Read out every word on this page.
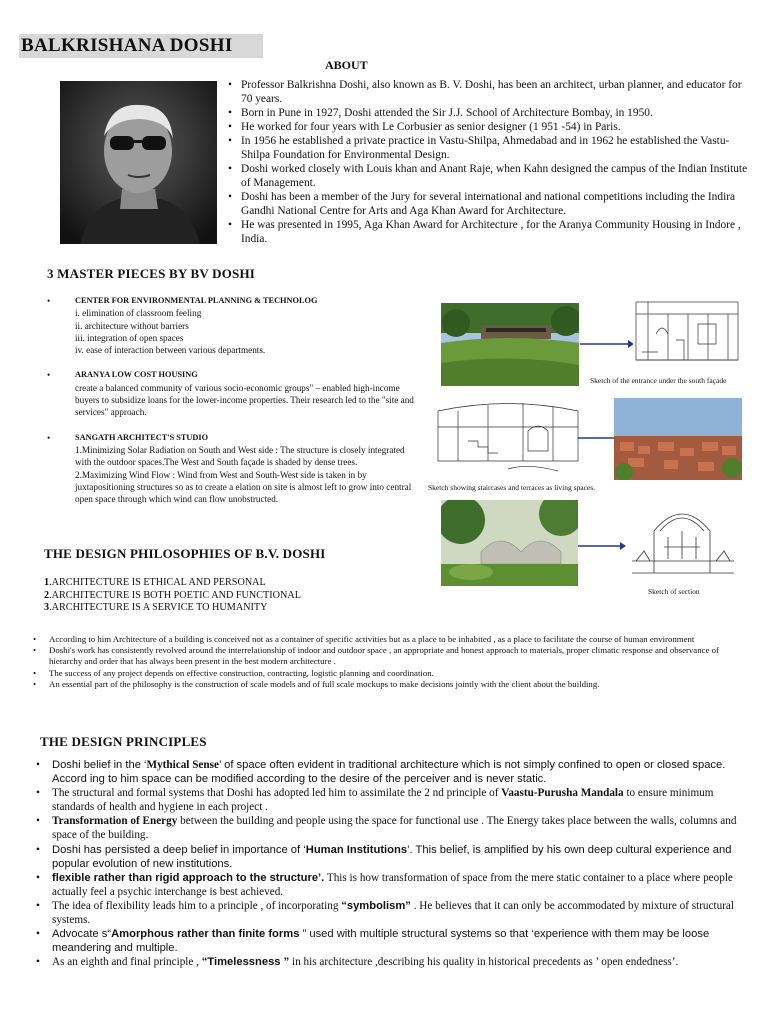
BALKRISHANA DOSHI
ABOUT
• Professor Balkrishna Doshi, also known as B. V. Doshi, has been an architect, urban planner, and educator for 70 years.
• Born in Pune in 1927, Doshi attended the Sir J.J. School of Architecture Bombay, in 1950.
• He worked for four years with Le Corbusier as senior designer (1 951 -54) in Paris.
• In 1956 he established a private practice in Vastu-Shilpa, Ahmedabad and in 1962 he established the Vastu-Shilpa Foundation for Environmental Design.
• Doshi worked closely with Louis khan and Anant Raje, when Kahn designed the campus of the Indian Institute of Management.
• Doshi has been a member of the Jury for several international and national competitions including the Indira Gandhi National Centre for Arts and Aga Khan Award for Architecture.
• He was presented in 1995, Aga Khan Award for Architecture , for the Aranya Community Housing in Indore , India.
3 MASTER PIECES BY BV DOSHI
• CENTER FOR ENVIRONMENTAL PLANNING & TECHNOLOG
i. elimination of classroom feeling
ii. architecture without barriers
iii. integration of open spaces
iv. ease of interaction between various departments.
• ARANYA LOW COST HOUSING
create a balanced community of various socio-economic groups" – enabled high-income buyers to subsidize loans for the lower-income properties. Their research led to the "site and services" approach.
• SANGATH ARCHITECT'S STUDIO
1.Minimizing Solar Radiation on South and West side : The structure is closely integrated with the outdoor spaces.The West and South façade is shaded by dense trees.
2.Maximizing Wind Flow : Wind from West and South-West side is taken in by juxtapositioning structures so as to create a elation on site is almost left to grow into central open space through which wind can flow unobstructed.
Sketch of the entrance under the south façade
Sketch showing staircases and terraces as living spaces.
Sketch of section
THE DESIGN PHILOSOPHIES OF B.V. DOSHI
1.ARCHITECTURE IS ETHICAL AND PERSONAL
2.ARCHITECTURE IS BOTH POETIC AND FUNCTIONAL
3.ARCHITECTURE IS A SERVICE TO HUMANITY
• According to him Architecture of a building is conceived not as a container of specific activities but as a place to be inhabited , as a place to facilitate the course of human environment
• Doshi's work has consistently revolved around the interrelationship of indoor and outdoor space , an appropriate and honest approach to materials, proper climatic response and observance of hierarchy and order that has always been present in the best modern architecture .
• The success of any project depends on effective construction, contracting, logistic planning and coordination.
• An essential part of the philosophy is the construction of scale models and of full scale mockups to make decisions jointly with the client about the building.
THE DESIGN PRINCIPLES
• Doshi belief in the ‘Mythical Sense’ of space often evident in traditional architecture which is not simply confined to open or closed space. Accord ing to him space can be modified according to the desire of the perceiver and is never static.
• The structural and formal systems that Doshi has adopted led him to assimilate the 2 nd principle of Vaastu-Purusha Mandala to ensure minimum standards of health and hygiene in each project .
• Transformation of Energy between the building and people using the space for functional use . The Energy takes place between the walls, columns and space of the building.
• Doshi has persisted a deep belief in importance of ‘Human Institutions’. This belief, is amplified by his own deep cultural experience and popular evolution of new institutions.
• flexible rather than rigid approach to the structure’. This is how transformation of space from the mere static container to a place where people actually feel a psychic interchange is best achieved.
• The idea of flexibility leads him to a principle , of incorporating “symbolism” . He believes that it can only be accommodated by mixture of structural systems.
• Advocate s“Amorphous rather than finite forms ” used with multiple structural systems so that ‘experience with them may be loose meandering and multiple.
• As an eighth and final principle , “Timelessness ” in his architecture ,describing his quality in historical precedents as ’ open endedness’.
